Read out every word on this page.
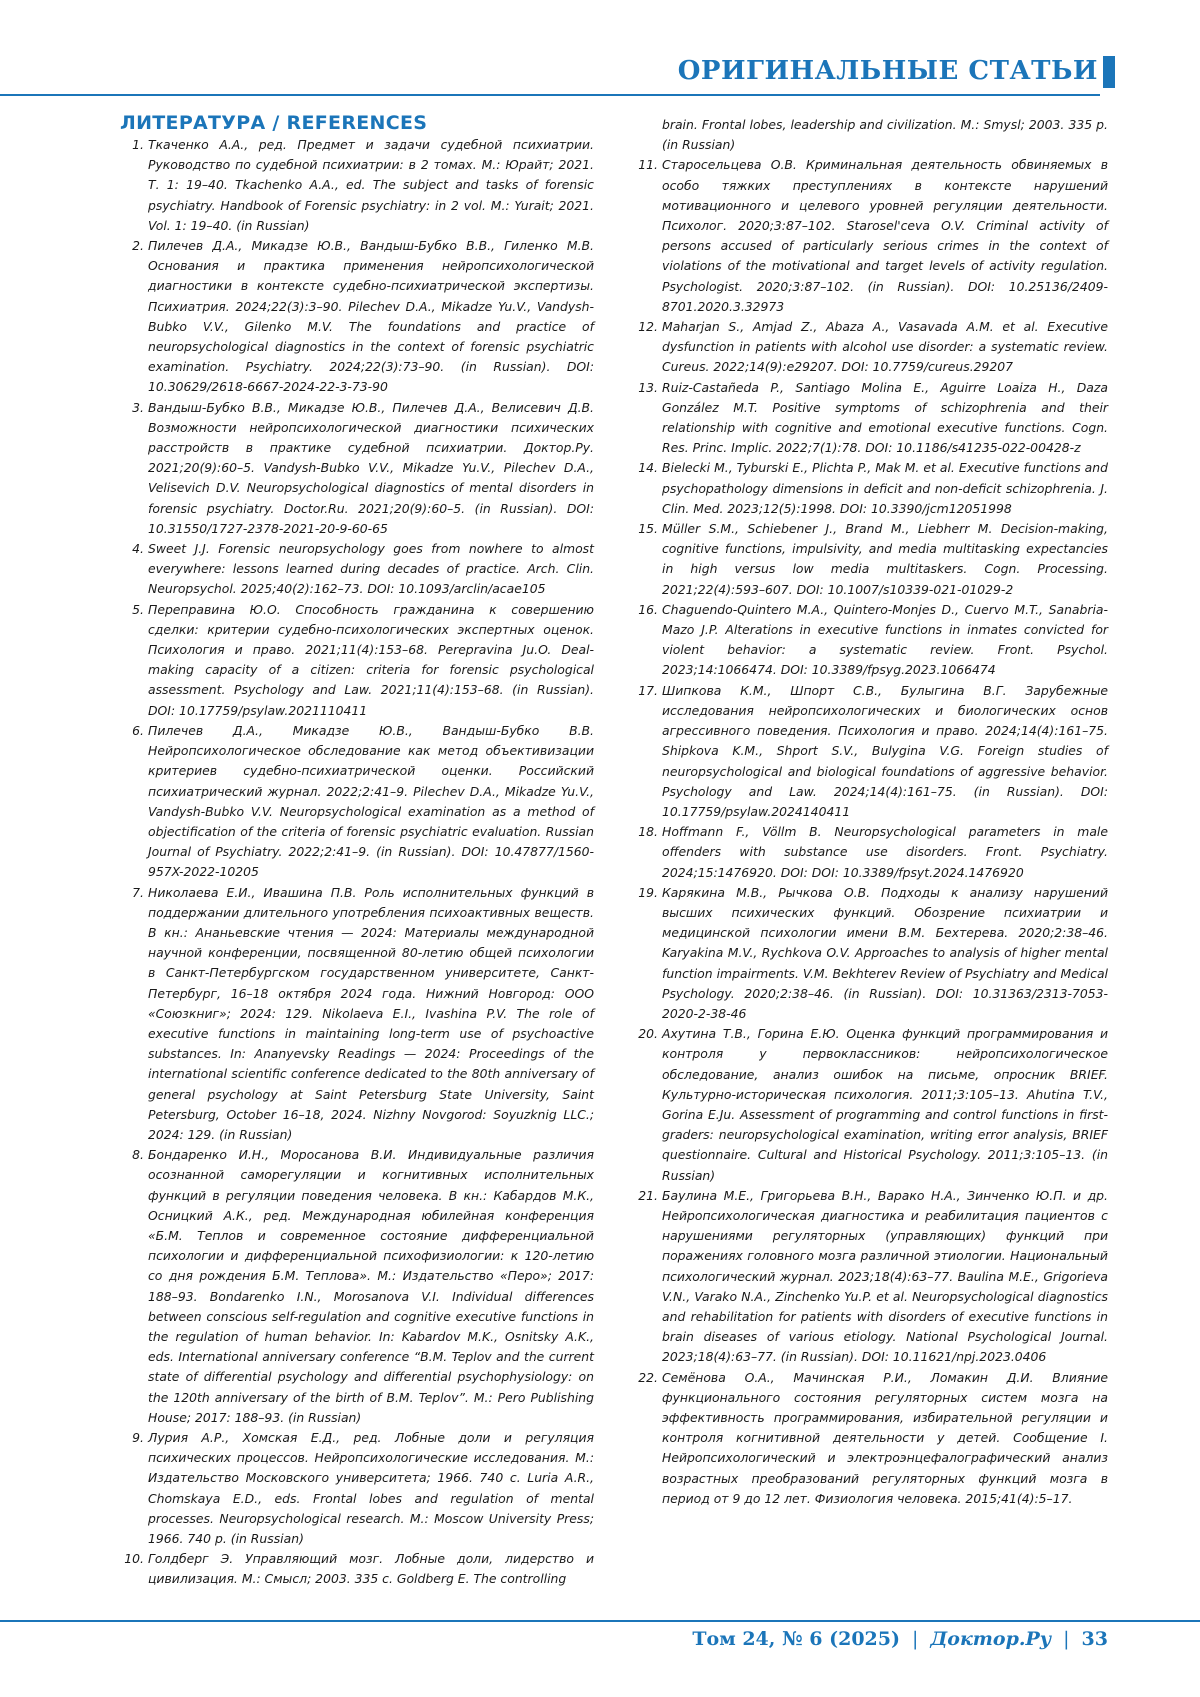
ОРИГИНАЛЬНЫЕ СТАТЬИ
ЛИТЕРАТУРА / REFERENCES
1. Ткаченко А.А., ред. Предмет и задачи судебной психиатрии. Руководство по судебной психиатрии: в 2 томах. М.: Юрайт; 2021. Т. 1: 19–40. Tkachenko A.A., ed. The subject and tasks of forensic psychiatry. Handbook of Forensic psychiatry: in 2 vol. M.: Yurait; 2021. Vol. 1: 19–40. (in Russian)
2. Пилечев Д.А., Микадзе Ю.В., Вандыш-Бубко В.В., Гиленко М.В. Основания и практика применения нейропсихологической диагностики в контексте судебно-психиатрической экспертизы. Психиатрия. 2024;22(3):3–90. Pilechev D.A., Mikadze Yu.V., Vandysh-Bubko V.V., Gilenko M.V. The foundations and practice of neuropsychological diagnostics in the context of forensic psychiatric examination. Psychiatry. 2024;22(3):73–90. (in Russian). DOI: 10.30629/2618-6667-2024-22-3-73-90
3. Вандыш-Бубко В.В., Микадзе Ю.В., Пилечев Д.А., Велисевич Д.В. Возможности нейропсихологической диагностики психических расстройств в практике судебной психиатрии. Доктор.Ру. 2021;20(9):60–5. Vandysh-Bubko V.V., Mikadze Yu.V., Pilechev D.A., Velisevich D.V. Neuropsychological diagnostics of mental disorders in forensic psychiatry. Doctor.Ru. 2021;20(9):60–5. (in Russian). DOI: 10.31550/1727-2378-2021-20-9-60-65
4. Sweet J.J. Forensic neuropsychology goes from nowhere to almost everywhere: lessons learned during decades of practice. Arch. Clin. Neuropsychol. 2025;40(2):162–73. DOI: 10.1093/arclin/acae105
5. Переправина Ю.О. Способность гражданина к совершению сделки: критерии судебно-психологических экспертных оценок. Психология и право. 2021;11(4):153–68. Perepravina Ju.O. Deal-making capacity of a citizen: criteria for forensic psychological assessment. Psychology and Law. 2021;11(4):153–68. (in Russian). DOI: 10.17759/psylaw.2021110411
6. Пилечев Д.А., Микадзе Ю.В., Вандыш-Бубко В.В. Нейропсихологическое обследование как метод объективизации критериев судебно-психиатрической оценки. Российский психиатрический журнал. 2022;2:41–9. Pilechev D.A., Mikadze Yu.V., Vandysh-Bubko V.V. Neuropsychological examination as a method of objectification of the criteria of forensic psychiatric evaluation. Russian Journal of Psychiatry. 2022;2:41–9. (in Russian). DOI: 10.47877/1560-957X-2022-10205
7. Николаева Е.И., Ивашина П.В. Роль исполнительных функций в поддержании длительного употребления психоактивных веществ. В кн.: Ананьевские чтения — 2024: Материалы международной научной конференции, посвященной 80-летию общей психологии в Санкт-Петербургском государственном университете, Санкт-Петербург, 16–18 октября 2024 года. Нижний Новгород: ООО «Союзкниг»; 2024: 129. Nikolaeva E.I., Ivashina P.V. The role of executive functions in maintaining long-term use of psychoactive substances. In: Ananyevsky Readings — 2024: Proceedings of the international scientific conference dedicated to the 80th anniversary of general psychology at Saint Petersburg State University, Saint Petersburg, October 16–18, 2024. Nizhny Novgorod: Soyuzknig LLC.; 2024: 129. (in Russian)
8. Бондаренко И.Н., Моросанова В.И. Индивидуальные различия осознанной саморегуляции и когнитивных исполнительных функций в регуляции поведения человека. В кн.: Кабардов М.К., Осницкий А.К., ред. Международная юбилейная конференция «Б.М. Теплов и современное состояние дифференциальной психологии и дифференциальной психофизиологии: к 120-летию со дня рождения Б.М. Теплова». М.: Издательство «Перо»; 2017: 188–93. Bondarenko I.N., Morosanova V.I. Individual differences between conscious self-regulation and cognitive executive functions in the regulation of human behavior. In: Kabardov M.K., Osnitsky A.K., eds. International anniversary conference “B.M. Teplov and the current state of differential psychology and differential psychophysiology: on the 120th anniversary of the birth of B.M. Teplov”. M.: Pero Publishing House; 2017: 188–93. (in Russian)
9. Лурия А.Р., Хомская Е.Д., ред. Лобные доли и регуляция психических процессов. Нейропсихологические исследования. М.: Издательство Московского университета; 1966. 740 с. Luria A.R., Chomskaya E.D., eds. Frontal lobes and regulation of mental processes. Neuropsychological research. M.: Moscow University Press; 1966. 740 p. (in Russian)
10. Голдберг Э. Управляющий мозг. Лобные доли, лидерство и цивилизация. М.: Смысл; 2003. 335 с. Goldberg E. The controlling
brain. Frontal lobes, leadership and civilization. M.: Smysl; 2003. 335 p. (in Russian)
11. Старосельцева О.В. Криминальная деятельность обвиняемых в особо тяжких преступлениях в контексте нарушений мотивационного и целевого уровней регуляции деятельности. Психолог. 2020;3:87–102. Starosel'ceva O.V. Criminal activity of persons accused of particularly serious crimes in the context of violations of the motivational and target levels of activity regulation. Psychologist. 2020;3:87–102. (in Russian). DOI: 10.25136/2409-8701.2020.3.32973
12. Maharjan S., Amjad Z., Abaza A., Vasavada A.M. et al. Executive dysfunction in patients with alcohol use disorder: a systematic review. Cureus. 2022;14(9):e29207. DOI: 10.7759/cureus.29207
13. Ruiz-Castañeda P., Santiago Molina E., Aguirre Loaiza H., Daza González M.T. Positive symptoms of schizophrenia and their relationship with cognitive and emotional executive functions. Cogn. Res. Princ. Implic. 2022;7(1):78. DOI: 10.1186/s41235-022-00428-z
14. Bielecki M., Tyburski E., Plichta P., Mak M. et al. Executive functions and psychopathology dimensions in deficit and non-deficit schizophrenia. J. Clin. Med. 2023;12(5):1998. DOI: 10.3390/jcm12051998
15. Müller S.M., Schiebener J., Brand M., Liebherr M. Decision-making, cognitive functions, impulsivity, and media multitasking expectancies in high versus low media multitaskers. Cogn. Processing. 2021;22(4):593–607. DOI: 10.1007/s10339-021-01029-2
16. Chaguendo-Quintero M.A., Quintero-Monjes D., Cuervo M.T., Sanabria-Mazo J.P. Alterations in executive functions in inmates convicted for violent behavior: a systematic review. Front. Psychol. 2023;14:1066474. DOI: 10.3389/fpsyg.2023.1066474
17. Шипкова К.М., Шпорт С.В., Булыгина В.Г. Зарубежные исследования нейропсихологических и биологических основ агрессивного поведения. Психология и право. 2024;14(4):161–75. Shipkova K.M., Shport S.V., Bulygina V.G. Foreign studies of neuropsychological and biological foundations of aggressive behavior. Psychology and Law. 2024;14(4):161–75. (in Russian). DOI: 10.17759/psylaw.2024140411
18. Hoffmann F., Völlm B. Neuropsychological parameters in male offenders with substance use disorders. Front. Psychiatry. 2024;15:1476920. DOI: DOI: 10.3389/fpsyt.2024.1476920
19. Карякина М.В., Рычкова О.В. Подходы к анализу нарушений высших психических функций. Обозрение психиатрии и медицинской психологии имени В.М. Бехтерева. 2020;2:38–46. Karyakina M.V., Rychkova O.V. Approaches to analysis of higher mental function impairments. V.M. Bekhterev Review of Psychiatry and Medical Psychology. 2020;2:38–46. (in Russian). DOI: 10.31363/2313-7053-2020-2-38-46
20. Ахутина Т.В., Горина Е.Ю. Оценка функций программирования и контроля у первоклассников: нейропсихологическое обследование, анализ ошибок на письме, опросник BRIEF. Культурно-историческая психология. 2011;3:105–13. Ahutina T.V., Gorina E.Ju. Assessment of programming and control functions in first-graders: neuropsychological examination, writing error analysis, BRIEF questionnaire. Cultural and Historical Psychology. 2011;3:105–13. (in Russian)
21. Баулина М.Е., Григорьева В.Н., Варако Н.А., Зинченко Ю.П. и др. Нейропсихологическая диагностика и реабилитация пациентов с нарушениями регуляторных (управляющих) функций при поражениях головного мозга различной этиологии. Национальный психологический журнал. 2023;18(4):63–77. Baulina M.E., Grigorieva V.N., Varako N.A., Zinchenko Yu.P. et al. Neuropsychological diagnostics and rehabilitation for patients with disorders of executive functions in brain diseases of various etiology. National Psychological Journal. 2023;18(4):63–77. (in Russian). DOI: 10.11621/npj.2023.0406
22. Семёнова О.А., Мачинская Р.И., Ломакин Д.И. Влияние функционального состояния регуляторных систем мозга на эффективность программирования, избирательной регуляции и контроля когнитивной деятельности у детей. Сообщение I. Нейропсихологический и электроэнцефалографический анализ возрастных преобразований регуляторных функций мозга в период от 9 до 12 лет. Физиология человека. 2015;41(4):5–17.
Том 24, № 6 (2025) | Доктор.Ру | 33
